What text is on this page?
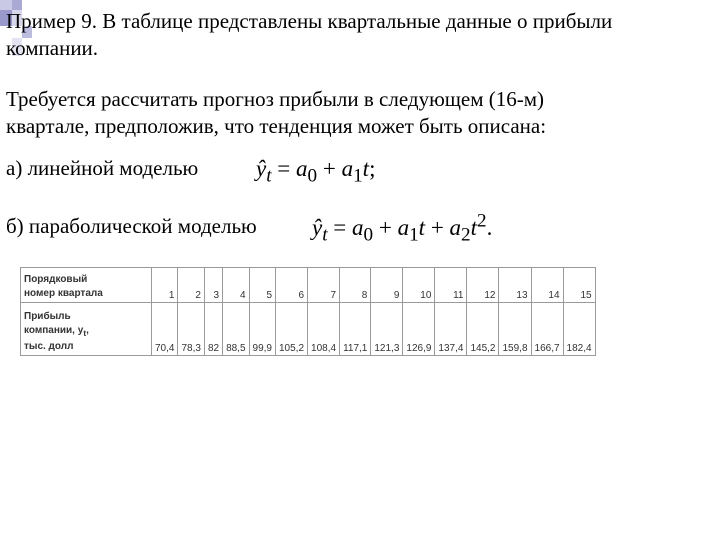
Пример 9. В таблице представлены квартальные данные о прибыли

компании.

Требуется рассчитать прогноз прибыли в следующем (16-м)

квартале, предположив, что тенденция может быть описана:

а) линейной моделью	$ŷ_t = a_0 + a_1t$;
б) параболической моделью $ŷ_t = a_0 + a_1t + a_2t^2$.
Порядковый
номер квартала	1	2	3	4	5	6	7	8	9	10	11	12	13	14	15

Прибыль
компании, $y_t$,
тыс. долл	70,4	78,3	82	88,5	99,9	105,2	108,4	117,1	121,3	126,9	137,4	145,2	159,8	166,7	182,4
